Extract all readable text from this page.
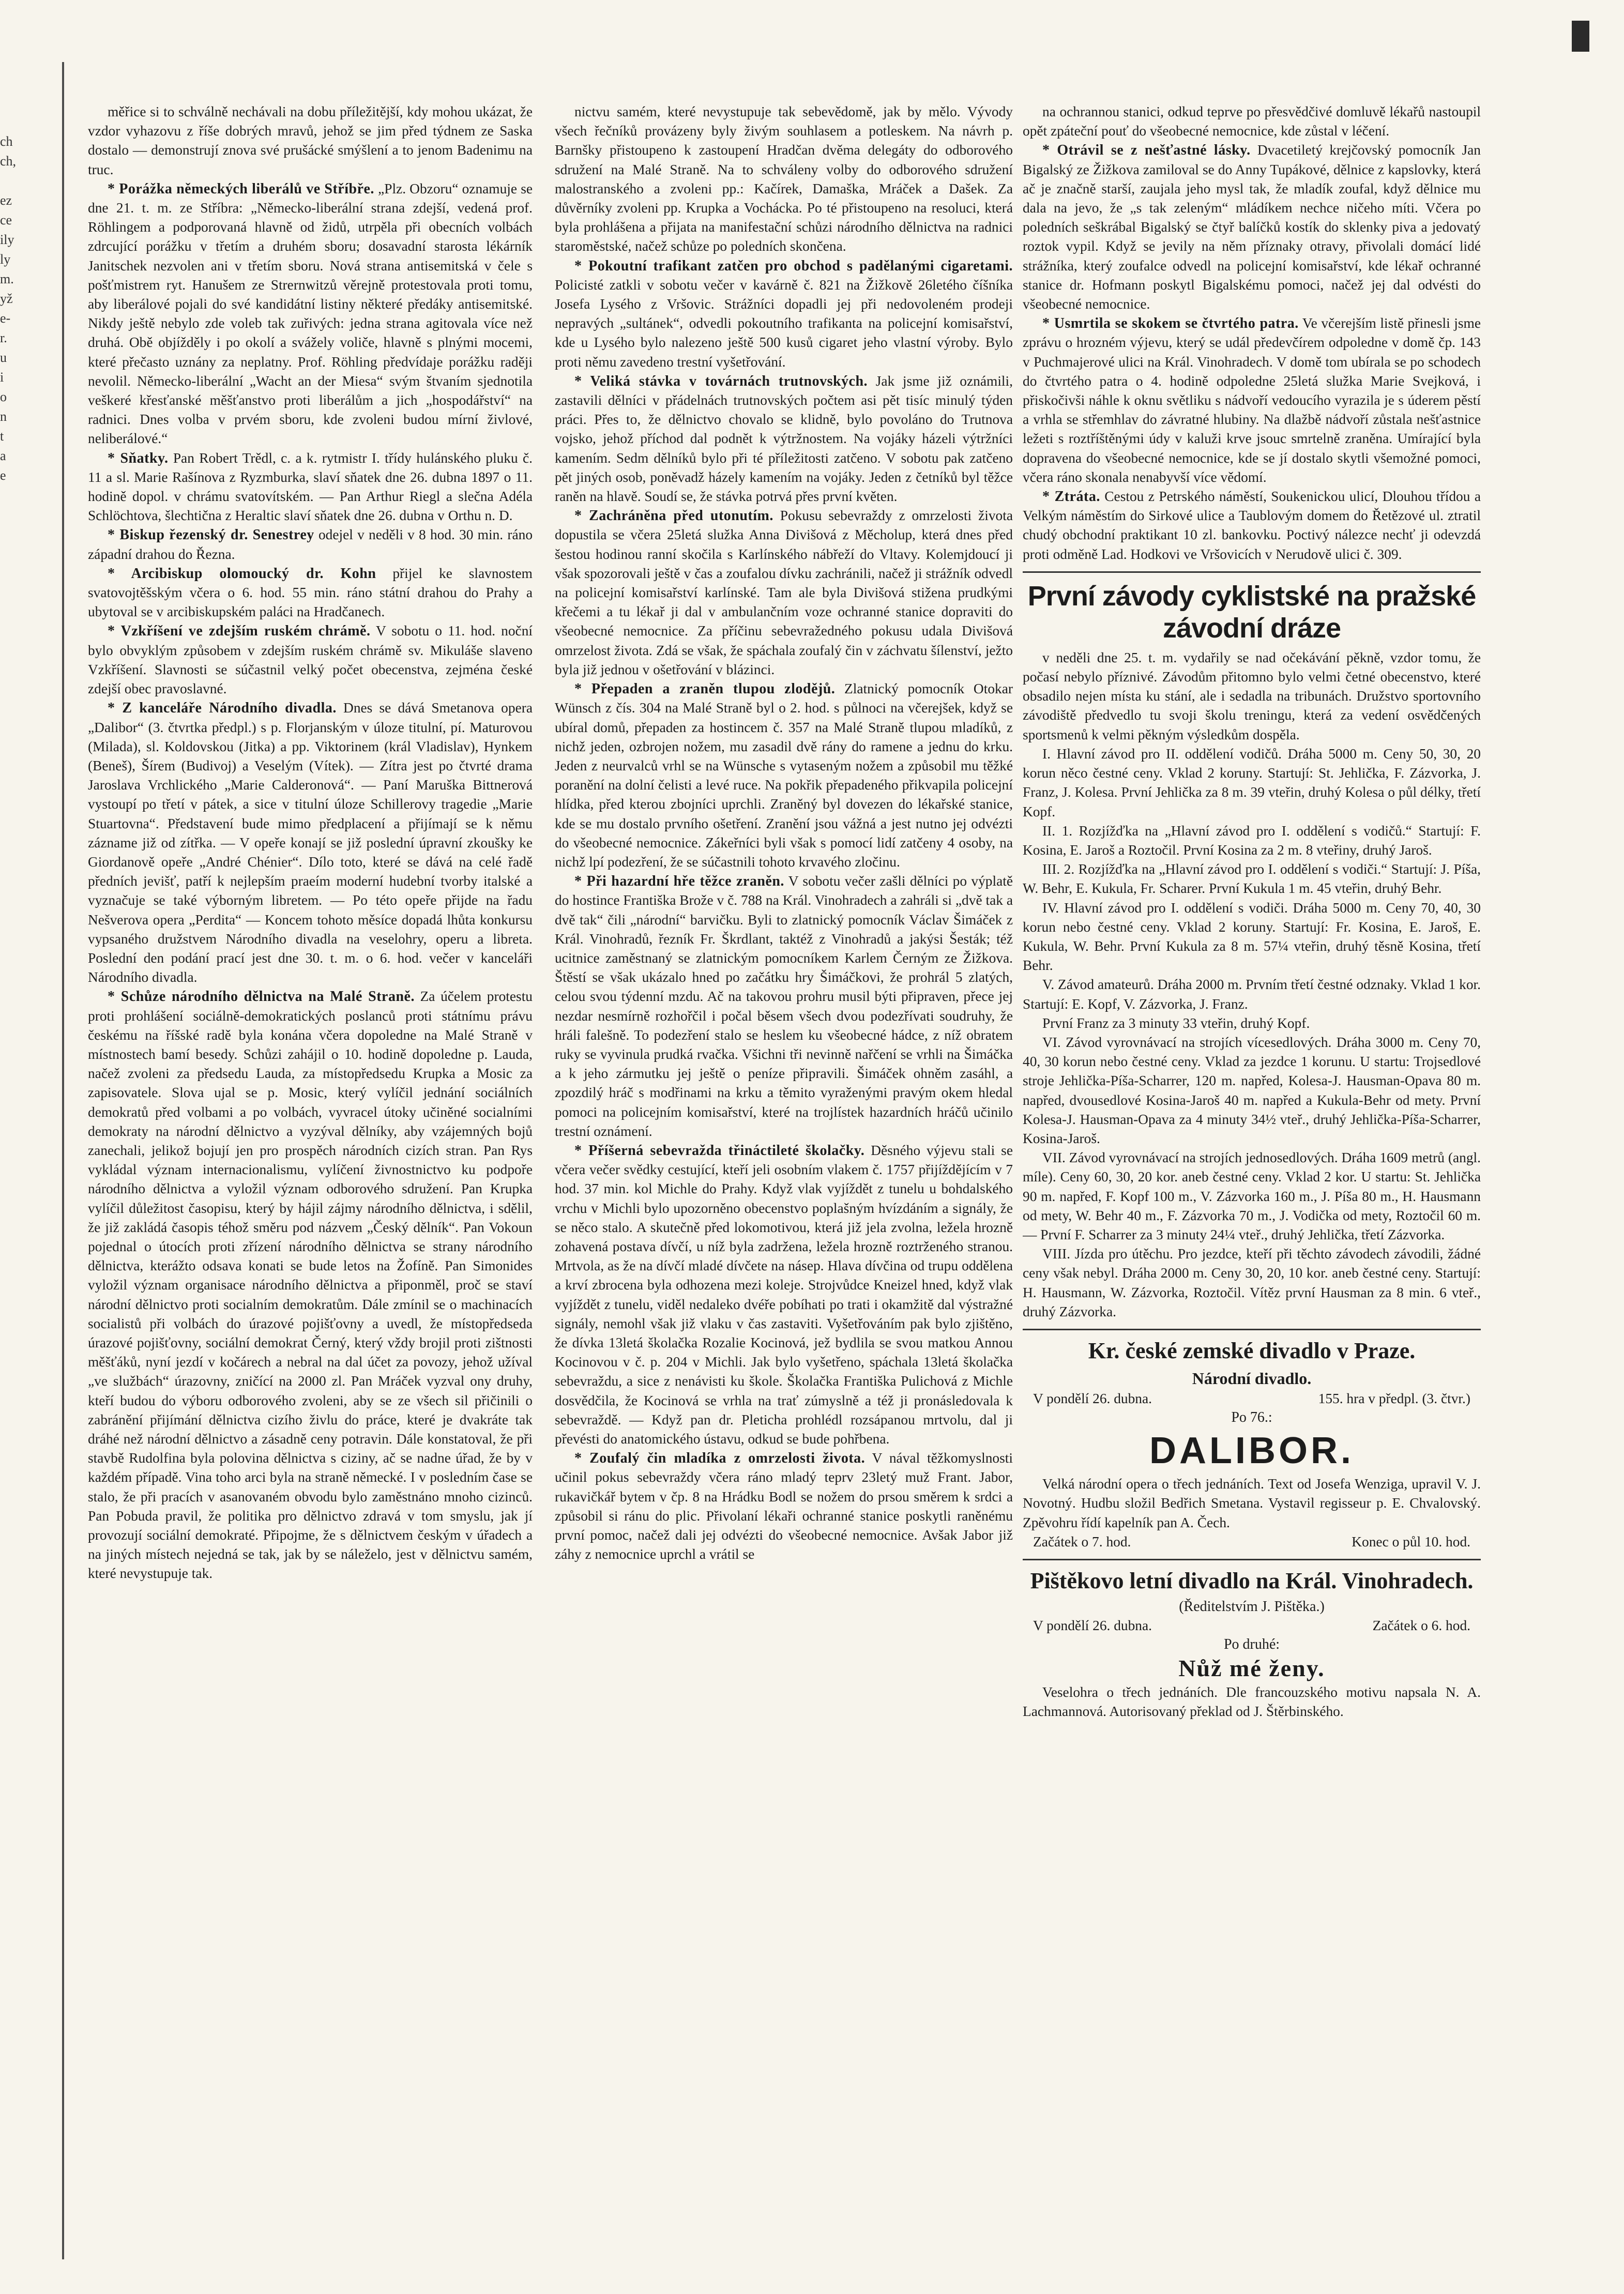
ch
ch,

ez
ce
ily
ly
m.
yž
e-
r.
u
i
o
n
t
a
e

měřice si to schválně nechávali na dobu příležitější, kdy mohou ukázat, že vzdor vyhazovu z říše dobrých mravů, jehož se jim před týdnem ze Saska dostalo — demonstrují znova své prušácké smýšlení a to jenom Badenimu na truc.

* Porážka německých liberálů ve Stříbře. „Plz. Obzoru“ oznamuje se dne 21. t. m. ze Stříbra: „Německo-liberální strana zdejší, vedená prof. Röhlingem a podporovaná hlavně od židů, utrpěla při obecních volbách zdrcující porážku v třetím a druhém sboru; dosavadní starosta lékárník Janitschek nezvolen ani v třetím sboru. Nová strana antisemitská v čele s pošťmistrem ryt. Hanušem ze Strernwitzů věrejně protestovala proti tomu, aby liberálové pojali do své kandidátní listiny některé předáky antisemitské. Nikdy ještě nebylo zde voleb tak zuřivých: jedna strana agitovala více než druhá. Obě objížděly i po okolí a svážely voliče, hlavně s plnými mocemi, které přečasto uznány za neplatny. Prof. Röhling předvídaje porážku raději nevolil. Německo-liberální „Wacht an der Miesa“ svým štvaním sjednotila veškeré křesťanské měšťanstvo proti liberálům a jich „hospodářství“ na radnici. Dnes volba v prvém sboru, kde zvoleni budou mírní živlové, neliberálové.“

* Sňatky. Pan Robert Trědl, c. a k. rytmistr I. třídy hulánského pluku č. 11 a sl. Marie Rašínova z Ryzmburka, slaví sňatek dne 26. dubna 1897 o 11. hodině dopol. v chrámu svatovítském. — Pan Arthur Riegl a slečna Adéla Schlöchtova, šlechtična z Heraltic slaví sňatek dne 26. dubna v Orthu n. D.

* Biskup řezenský dr. Senestrey odejel v neděli v 8 hod. 30 min. ráno západní drahou do Řezna.

* Arcibiskup olomoucký dr. Kohn přijel ke slavnostem svatovojtěšským včera o 6. hod. 55 min. ráno státní drahou do Prahy a ubytoval se v arcibiskupském paláci na Hradčanech.

* Vzkříšení ve zdejším ruském chrámě. V sobotu o 11. hod. noční bylo obvyklým způsobem v zdejším ruském chrámě sv. Mikuláše slaveno Vzkříšení. Slavnosti se súčastnil velký počet obecenstva, zejména české zdejší obec pravoslavné.

* Z kanceláře Národního divadla. Dnes se dává Smetanova opera „Dalibor“ (3. čtvrtka předpl.) s p. Florjanským v úloze titulní, pí. Maturovou (Milada), sl. Koldovskou (Jitka) a pp. Viktorinem (král Vladislav), Hynkem (Beneš), Šírem (Budivoj) a Veselým (Vítek). — Zítra jest po čtvrté drama Jaroslava Vrchlického „Marie Calderonová“. — Paní Maruška Bittnerová vystoupí po třetí v pátek, a sice v titulní úloze Schillerovy tragedie „Marie Stuartovna“. Představení bude mimo předplacení a přijímají se k němu zázname již od zítřka. — V opeře konají se již poslední úpravní zkoušky ke Giordanově opeře „André Chénier“. Dílo toto, které se dává na celé řadě předních jevišť, patří k nejlepším praeím moderní hudební tvorby italské a vyznačuje se také výborným libretem. — Po této opeře přijde na řadu Nešverova opera „Perdita“ — Koncem tohoto měsíce dopadá lhůta konkursu vypsaného družstvem Národního divadla na veselohry, operu a libreta. Poslední den podání prací jest dne 30. t. m. o 6. hod. večer v kanceláři Národního divadla.

* Schůze národního dělnictva na Malé Straně. Za účelem protestu proti prohlášení sociálně-demokratických poslanců proti státnímu právu českému na říšské radě byla konána včera dopoledne na Malé Straně v místnostech bamí besedy. Schůzi zahájil o 10. hodině dopoledne p. Lauda, načež zvoleni za předsedu Lauda, za místopředsedu Krupka a Mosic za zapisovatele. Slova ujal se p. Mosic, který vylíčil jednání sociálních demokratů před volbami a po volbách, vyvracel útoky učiněné socialními demokraty na národní dělnictvo a vyzýval dělníky, aby vzájemných bojů zanechali, jelikož bojují jen pro prospěch národních cizích stran. Pan Rys vykládal význam internacionalismu, vylíčení živnostnictvo ku podpoře národního dělnictva a vyložil význam odborového sdružení. Pan Krupka vylíčil důležitost časopisu, který by hájil zájmy národního dělnictva, i sdělil, že již zakládá časopis téhož směru pod názvem „Český dělník“. Pan Vokoun pojednal o útocích proti zřízení národního dělnictva se strany národního dělnictva, kterážto odsava konati se bude letos na Žofíně. Pan Simonides vyložil význam organisace národního dělnictva a připonměl, proč se staví národní dělnictvo proti socialním demokratům. Dále zmínil se o machinacích socialistů při volbách do úrazové pojišťovny a uvedl, že místopředseda úrazové pojišťovny, sociální demokrat Černý, který vždy brojil proti zištnosti měšťáků, nyní jezdí v kočárech a nebral na dal účet za povozy, jehož užíval „ve službách“ úrazovny, zničící na 2000 zl. Pan Mráček vyzval ony druhy, kteří budou do výboru odborového zvoleni, aby se ze všech sil přičinili o zabránění přijímání dělnictva cizího živlu do práce, které je dvakráte tak dráhé než národní dělnictvo a zásadně ceny potravin. Dále konstatoval, že při stavbě Rudolfina byla polovina dělnictva s ciziny, ač se nadne úřad, že by v každém případě. Vina toho arci byla na straně německé. I v posledním čase se stalo, že při pracích v asanovaném obvodu bylo zaměstnáno mnoho cizinců. Pan Pobuda pravil, že politika pro dělnictvo zdravá v tom smyslu, jak jí provozují sociální demokraté. Připojme, že s dělnictvem českým v úřadech a na jiných místech nejedná se tak, jak by se náleželo, jest v dělnictvu samém, které nevystupuje tak.

nictvu samém, které nevystupuje tak sebevědomě, jak by mělo. Vývody všech řečníků provázeny byly živým souhlasem a potleskem. Na návrh p. Barnšky přistoupeno k zastoupení Hradčan dvěma delegáty do odborového sdružení na Malé Straně. Na to schváleny volby do odborového sdružení malostranského a zvoleni pp.: Kačírek, Damaška, Mráček a Dašek. Za důvěrníky zvoleni pp. Krupka a Vochácka. Po té přistoupeno na resoluci, která byla prohlášena a přijata na manifestační schůzi národního dělnictva na radnici staroměstské, načež schůze po poledních skončena.

* Pokoutní trafikant zatčen pro obchod s padělanými cigaretami. Policisté zatkli v sobotu večer v kavárně č. 821 na Žižkově 26letého číšníka Josefa Lysého z Vršovic. Strážníci dopadli jej při nedovoleném prodeji nepravých „sultánek“, odvedli pokoutního trafikanta na policejní komisařství, kde u Lysého bylo nalezeno ještě 500 kusů cigaret jeho vlastní výroby. Bylo proti němu zavedeno trestní vyšetřování.

* Veliká stávka v továrnách trutnovských. Jak jsme již oznámili, zastavili dělníci v přádelnách trutnovských počtem asi pět tisíc minulý týden práci. Přes to, že dělnictvo chovalo se klidně, bylo povoláno do Trutnova vojsko, jehož příchod dal podnět k výtržnostem. Na vojáky házeli výtržníci kamením. Sedm dělníků bylo při té příležitosti zatčeno. V sobotu pak zatčeno pět jiných osob, poněvadž házely kamením na vojáky. Jeden z četníků byl těžce raněn na hlavě. Soudí se, že stávka potrvá přes první květen.

* Zachráněna před utonutím. Pokusu sebevraždy z omrzelosti života dopustila se včera 25letá služka Anna Divišová z Měcholup, která dnes před šestou hodinou ranní skočila s Karlínského nábřeží do Vltavy. Kolemjdoucí ji však spozorovali ještě v čas a zoufalou dívku zachránili, načež ji strážník odvedl na policejní komisařství karlínské. Tam ale byla Divišová stižena prudkými křečemi a tu lékař ji dal v ambulančním voze ochranné stanice dopraviti do všeobecné nemocnice. Za příčinu sebevražedného pokusu udala Divišová omrzelost života. Zdá se však, že spáchala zoufalý čin v záchvatu šílenství, ježto byla již jednou v ošetřování v blázinci.

* Přepaden a zraněn tlupou zlodějů. Zlatnický pomocník Otokar Wünsch z čís. 304 na Malé Straně byl o 2. hod. s půlnoci na včerejšek, když se ubíral domů, přepaden za hostincem č. 357 na Malé Straně tlupou mladíků, z nichž jeden, ozbrojen nožem, mu zasadil dvě rány do ramene a jednu do krku. Jeden z neurvalců vrhl se na Wünsche s vytaseným nožem a způsobil mu těžké poranění na dolní čelisti a levé ruce. Na pokřik přepadeného přikvapila policejní hlídka, před kterou zbojníci uprchli. Zraněný byl dovezen do lékařské stanice, kde se mu dostalo prvního ošetření. Zranění jsou vážná a jest nutno jej odvézti do všeobecné nemocnice. Zákeřníci byli však s pomocí lidí zatčeny 4 osoby, na nichž lpí podezření, že se súčastnili tohoto krvavého zločinu.

* Při hazardní hře těžce zraněn. V sobotu večer zašli dělníci po výplatě do hostince Františka Brože v č. 788 na Král. Vinohradech a zahráli si „dvě tak a dvě tak“ čili „národní“ barvičku. Byli to zlatnický pomocník Václav Šimáček z Král. Vinohradů, řezník Fr. Škrdlant, taktéž z Vinohradů a jakýsi Šesták; též ucitnice zaměstnaný se zlatnickým pomocníkem Karlem Černým ze Žižkova. Štěstí se však ukázalo hned po začátku hry Šimáčkovi, že prohrál 5 zlatých, celou svou týdenní mzdu. Ač na takovou prohru musil býti připraven, přece jej nezdar nesmírně rozhořčil i počal běsem všech dvou podezřívati soudruhy, že hráli falešně. To podezření stalo se heslem ku všeobecné hádce, z níž obratem ruky se vyvinula prudká rvačka. Všichni tři nevinně nařčení se vrhli na Šimáčka a k jeho zármutku jej ještě o peníze připravili. Šimáček ohněm zasáhl, a zpozdilý hráč s modřinami na krku a těmito vyraženými pravým okem hledal pomoci na policejním komisařství, které na trojlístek hazardních hráčů učinilo trestní oznámení.

* Příšerná sebevražda třináctileté školačky. Děsného výjevu stali se včera večer svědky cestující, kteří jeli osobním vlakem č. 1757 přijíždějícím v 7 hod. 37 min. kol Michle do Prahy. Když vlak vyjíždět z tunelu u bohdalského vrchu v Michli bylo upozorněno obecenstvo poplašným hvízdáním a signály, že se něco stalo. A skutečně před lokomotivou, která již jela zvolna, ležela hrozně zohavená postava dívčí, u níž byla zadržena, ležela hrozně roztrženého stranou. Mrtvola, as že na dívčí mladé dívčete na násep. Hlava dívčina od trupu oddělena a krví zbrocena byla odhozena mezi koleje. Strojvůdce Kneizel hned, když vlak vyjíždět z tunelu, viděl nedaleko dvéře pobíhati po trati i okamžitě dal výstražné signály, nemohl však již vlaku v čas zastaviti. Vyšetřováním pak bylo zjištěno, že dívka 13letá školačka Rozalie Kocinová, jež bydlila se svou matkou Annou Kocinovou v č. p. 204 v Michli. Jak bylo vyšetřeno, spáchala 13letá školačka sebevraždu, a sice z nenávisti ku škole. Školačka Františka Pulichová z Michle dosvědčila, že Kocinová se vrhla na trať zúmyslně a též ji pronásledovala k sebevraždě. — Když pan dr. Pleticha prohlédl rozsápanou mrtvolu, dal ji převésti do anatomického ústavu, odkud se bude pohřbena.

* Zoufalý čin mladíka z omrzelosti života. V nával těžkomyslnosti učinil pokus sebevraždy včera ráno mladý teprv 23letý muž Frant. Jabor, rukavičkář bytem v čp. 8 na Hrádku Bodl se nožem do prsou směrem k srdci a způsobil si ránu do plic. Přivolaní lékaři ochranné stanice poskytli raněnému první pomoc, načež dali jej odvézti do všeobecné nemocnice. Avšak Jabor již záhy z nemocnice uprchl a vrátil se

na ochrannou stanici, odkud teprve po přesvědčivé domluvě lékařů nastoupil opět zpáteční pouť do všeobecné nemocnice, kde zůstal v léčení.

* Otrávil se z nešťastné lásky. Dvacetiletý krejčovský pomocník Jan Bigalský ze Žižkova zamiloval se do Anny Tupákové, dělnice z kapslovky, která ač je značně starší, zaujala jeho mysl tak, že mladík zoufal, když dělnice mu dala na jevo, že „s tak zeleným“ mládíkem nechce ničeho míti. Včera po poledních seškrábal Bigalský se čtyř balíčků kostík do sklenky piva a jedovatý roztok vypil. Když se jevily na něm příznaky otravy, přivolali domácí lidé strážníka, který zoufalce odvedl na policejní komisařství, kde lékař ochranné stanice dr. Hofmann poskytl Bigalskému pomoci, načež jej dal odvésti do všeobecné nemocnice.

* Usmrtila se skokem se čtvrtého patra. Ve včerejším listě přinesli jsme zprávu o hrozném výjevu, který se udál předevčírem odpoledne v domě čp. 143 v Puchmajerové ulici na Král. Vinohradech. V domě tom ubírala se po schodech do čtvrtého patra o 4. hodině odpoledne 25letá služka Marie Svejková, i přiskočivši náhle k oknu světliku s nádvoří vedoucího vyrazila je s úderem pěstí a vrhla se střemhlav do závratné hlubiny. Na dlažbě nádvoří zůstala nešťastnice ležeti s roztříštěnými údy v kaluži krve jsouc smrtelně zraněna. Umírající byla dopravena do všeobecné nemocnice, kde se jí dostalo skytli všemožné pomoci, včera ráno skonala nenabyvší více vědomí.

* Ztráta. Cestou z Petrského náměstí, Soukenickou ulicí, Dlouhou třídou a Velkým náměstím do Sirkové ulice a Taublovým domem do Řetězové ul. ztratil chudý obchodní praktikant 10 zl. bankovku. Poctivý nálezce nechť ji odevzdá proti odměně Lad. Hodkovi ve Vršovicích v Nerudově ulici č. 309.

První závody cyklistské na pražské závodní dráze

v neděli dne 25. t. m. vydařily se nad očekávání pěkně, vzdor tomu, že počasí nebylo příznivé. Závodům přitomno bylo velmi četné obecenstvo, které obsadilo nejen místa ku stání, ale i sedadla na tribunách. Družstvo sportovního závodiště předvedlo tu svoji školu treningu, která za vedení osvědčených sportsmenů k velmi pěkným výsledkům dospěla.

I. Hlavní závod pro II. oddělení vodičů. Dráha 5000 m. Ceny 50, 30, 20 korun něco čestné ceny. Vklad 2 koruny. Startují: St. Jehlička, F. Zázvorka, J. Franz, J. Kolesa. První Jehlička za 8 m. 39 vteřin, druhý Kolesa o půl délky, třetí Kopf.

II. 1. Rozjížďka na „Hlavní závod pro I. oddělení s vodičů.“ Startují: F. Kosina, E. Jaroš a Roztočil. První Kosina za 2 m. 8 vteřiny, druhý Jaroš.

III. 2. Rozjížďka na „Hlavní závod pro I. oddělení s vodiči.“ Startují: J. Píša, W. Behr, E. Kukula, Fr. Scharer. První Kukula 1 m. 45 vteřin, druhý Behr.

IV. Hlavní závod pro I. oddělení s vodiči. Dráha 5000 m. Ceny 70, 40, 30 korun nebo čestné ceny. Vklad 2 koruny. Startují: Fr. Kosina, E. Jaroš, E. Kukula, W. Behr. První Kukula za 8 m. 57¼ vteřin, druhý těsně Kosina, třetí Behr.

V. Závod amateurů. Dráha 2000 m. Prvním třetí čestné odznaky. Vklad 1 kor. Startují: E. Kopf, V. Zázvorka, J. Franz.

První Franz za 3 minuty 33 vteřin, druhý Kopf.

VI. Závod vyrovnávací na strojích vícesedlových. Dráha 3000 m. Ceny 70, 40, 30 korun nebo čestné ceny. Vklad za jezdce 1 korunu. U startu: Trojsedlové stroje Jehlička-Píša-Scharrer, 120 m. napřed, Kolesa-J. Hausman-Opava 80 m. napřed, dvousedlové Kosina-Jaroš 40 m. napřed a Kukula-Behr od mety. První Kolesa-J. Hausman-Opava za 4 minuty 34½ vteř., druhý Jehlička-Píša-Scharrer, Kosina-Jaroš.

VII. Závod vyrovnávací na strojích jednosedlových. Dráha 1609 metrů (angl. míle). Ceny 60, 30, 20 kor. aneb čestné ceny. Vklad 2 kor. U startu: St. Jehlička 90 m. napřed, F. Kopf 100 m., V. Zázvorka 160 m., J. Píša 80 m., H. Hausmann od mety, W. Behr 40 m., F. Zázvorka 70 m., J. Vodička od mety, Roztočil 60 m. — První F. Scharrer za 3 minuty 24¼ vteř., druhý Jehlička, třetí Zázvorka.

VIII. Jízda pro útěchu. Pro jezdce, kteří při těchto závodech závodili, žádné ceny však nebyl. Dráha 2000 m. Ceny 30, 20, 10 kor. aneb čestné ceny. Startují: H. Hausmann, W. Zázvorka, Roztočil. Vítěz první Hausman za 8 min. 6 vteř., druhý Zázvorka.

Kr. české zemské divadlo v Praze.
Národní divadlo.
V pondělí 26. dubna.	155. hra v předpl. (3. čtvr.)
Po 76.:
DALIBOR.

Velká národní opera o třech jednáních. Text od Josefa Wenziga, upravil V. J. Novotný. Hudbu složil Bedřich Smetana. Vystavil regisseur p. E. Chvalovský. Zpěvohru řídí kapelník pan A. Čech.

Začátek o 7. hod.	Konec o půl 10. hod.
Pištěkovo letní divadlo na Král. Vinohradech.
(Ředitelstvím J. Pištěka.)
V pondělí 26. dubna.	Začátek o 6. hod.
Po druhé:
Nůž mé ženy.

Veselohra o třech jednáních. Dle francouzského motivu napsala N. A. Lachmannová. Autorisovaný překlad od J. Štěrbinského.
